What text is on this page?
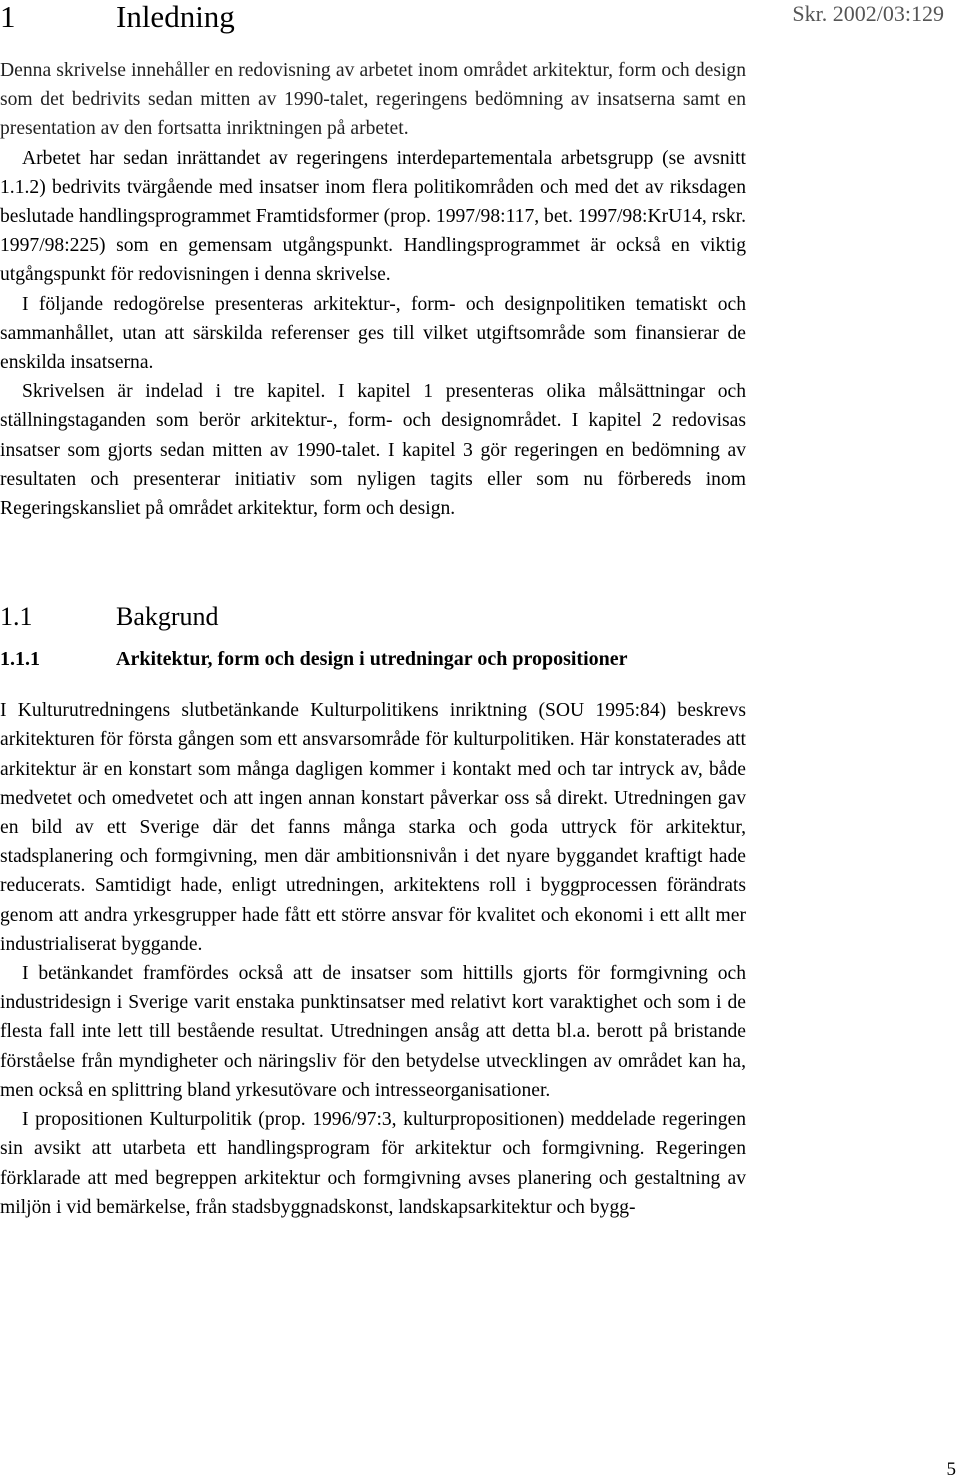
1	Inledning	Skr. 2002/03:129

Denna skrivelse innehåller en redovisning av arbetet inom området arkitektur, form och design som det bedrivits sedan mitten av 1990-talet, regeringens bedömning av insatserna samt en presentation av den fortsatta inriktningen på arbetet.

Arbetet har sedan inrättandet av regeringens interdepartementala arbetsgrupp (se avsnitt 1.1.2) bedrivits tvärgående med insatser inom flera politikområden och med det av riksdagen beslutade handlingsprogrammet Framtidsformer (prop. 1997/98:117, bet. 1997/98:KrU14, rskr. 1997/98:225) som en gemensam utgångspunkt. Handlingsprogrammet är också en viktig utgångspunkt för redovisningen i denna skrivelse.

I följande redogörelse presenteras arkitektur-, form- och designpolitiken tematiskt och sammanhållet, utan att särskilda referenser ges till vilket utgiftsområde som finansierar de enskilda insatserna.

Skrivelsen är indelad i tre kapitel. I kapitel 1 presenteras olika målsättningar och ställningstaganden som berör arkitektur-, form- och designområdet. I kapitel 2 redovisas insatser som gjorts sedan mitten av 1990-talet. I kapitel 3 gör regeringen en bedömning av resultaten och presenterar initiativ som nyligen tagits eller som nu förbereds inom Regeringskansliet på området arkitektur, form och design.

1.1	Bakgrund
1.1.1	Arkitektur, form och design i utredningar och propositioner

I Kulturutredningens slutbetänkande Kulturpolitikens inriktning (SOU 1995:84) beskrevs arkitekturen för första gången som ett ansvarsområde för kulturpolitiken. Här konstaterades att arkitektur är en konstart som många dagligen kommer i kontakt med och tar intryck av, både medvetet och omedvetet och att ingen annan konstart påverkar oss så direkt. Utredningen gav en bild av ett Sverige där det fanns många starka och goda uttryck för arkitektur, stadsplanering och formgivning, men där ambitionsnivån i det nyare byggandet kraftigt hade reducerats. Samtidigt hade, enligt utredningen, arkitektens roll i byggprocessen förändrats genom att andra yrkesgrupper hade fått ett större ansvar för kvalitet och ekonomi i ett allt mer industrialiserat byggande.

I betänkandet framfördes också att de insatser som hittills gjorts för formgivning och industridesign i Sverige varit enstaka punktinsatser med relativt kort varaktighet och som i de flesta fall inte lett till bestående resultat. Utredningen ansåg att detta bl.a. berott på bristande förståelse från myndigheter och näringsliv för den betydelse utvecklingen av området kan ha, men också en splittring bland yrkesutövare och intresseorganisationer.

I propositionen Kulturpolitik (prop. 1996/97:3, kulturpropositionen) meddelade regeringen sin avsikt att utarbeta ett handlingsprogram för arkitektur och formgivning. Regeringen förklarade att med begreppen arkitektur och formgivning avses planering och gestaltning av miljön i vid bemärkelse, från stadsbyggnadskonst, landskapsarkitektur och bygg-

5
